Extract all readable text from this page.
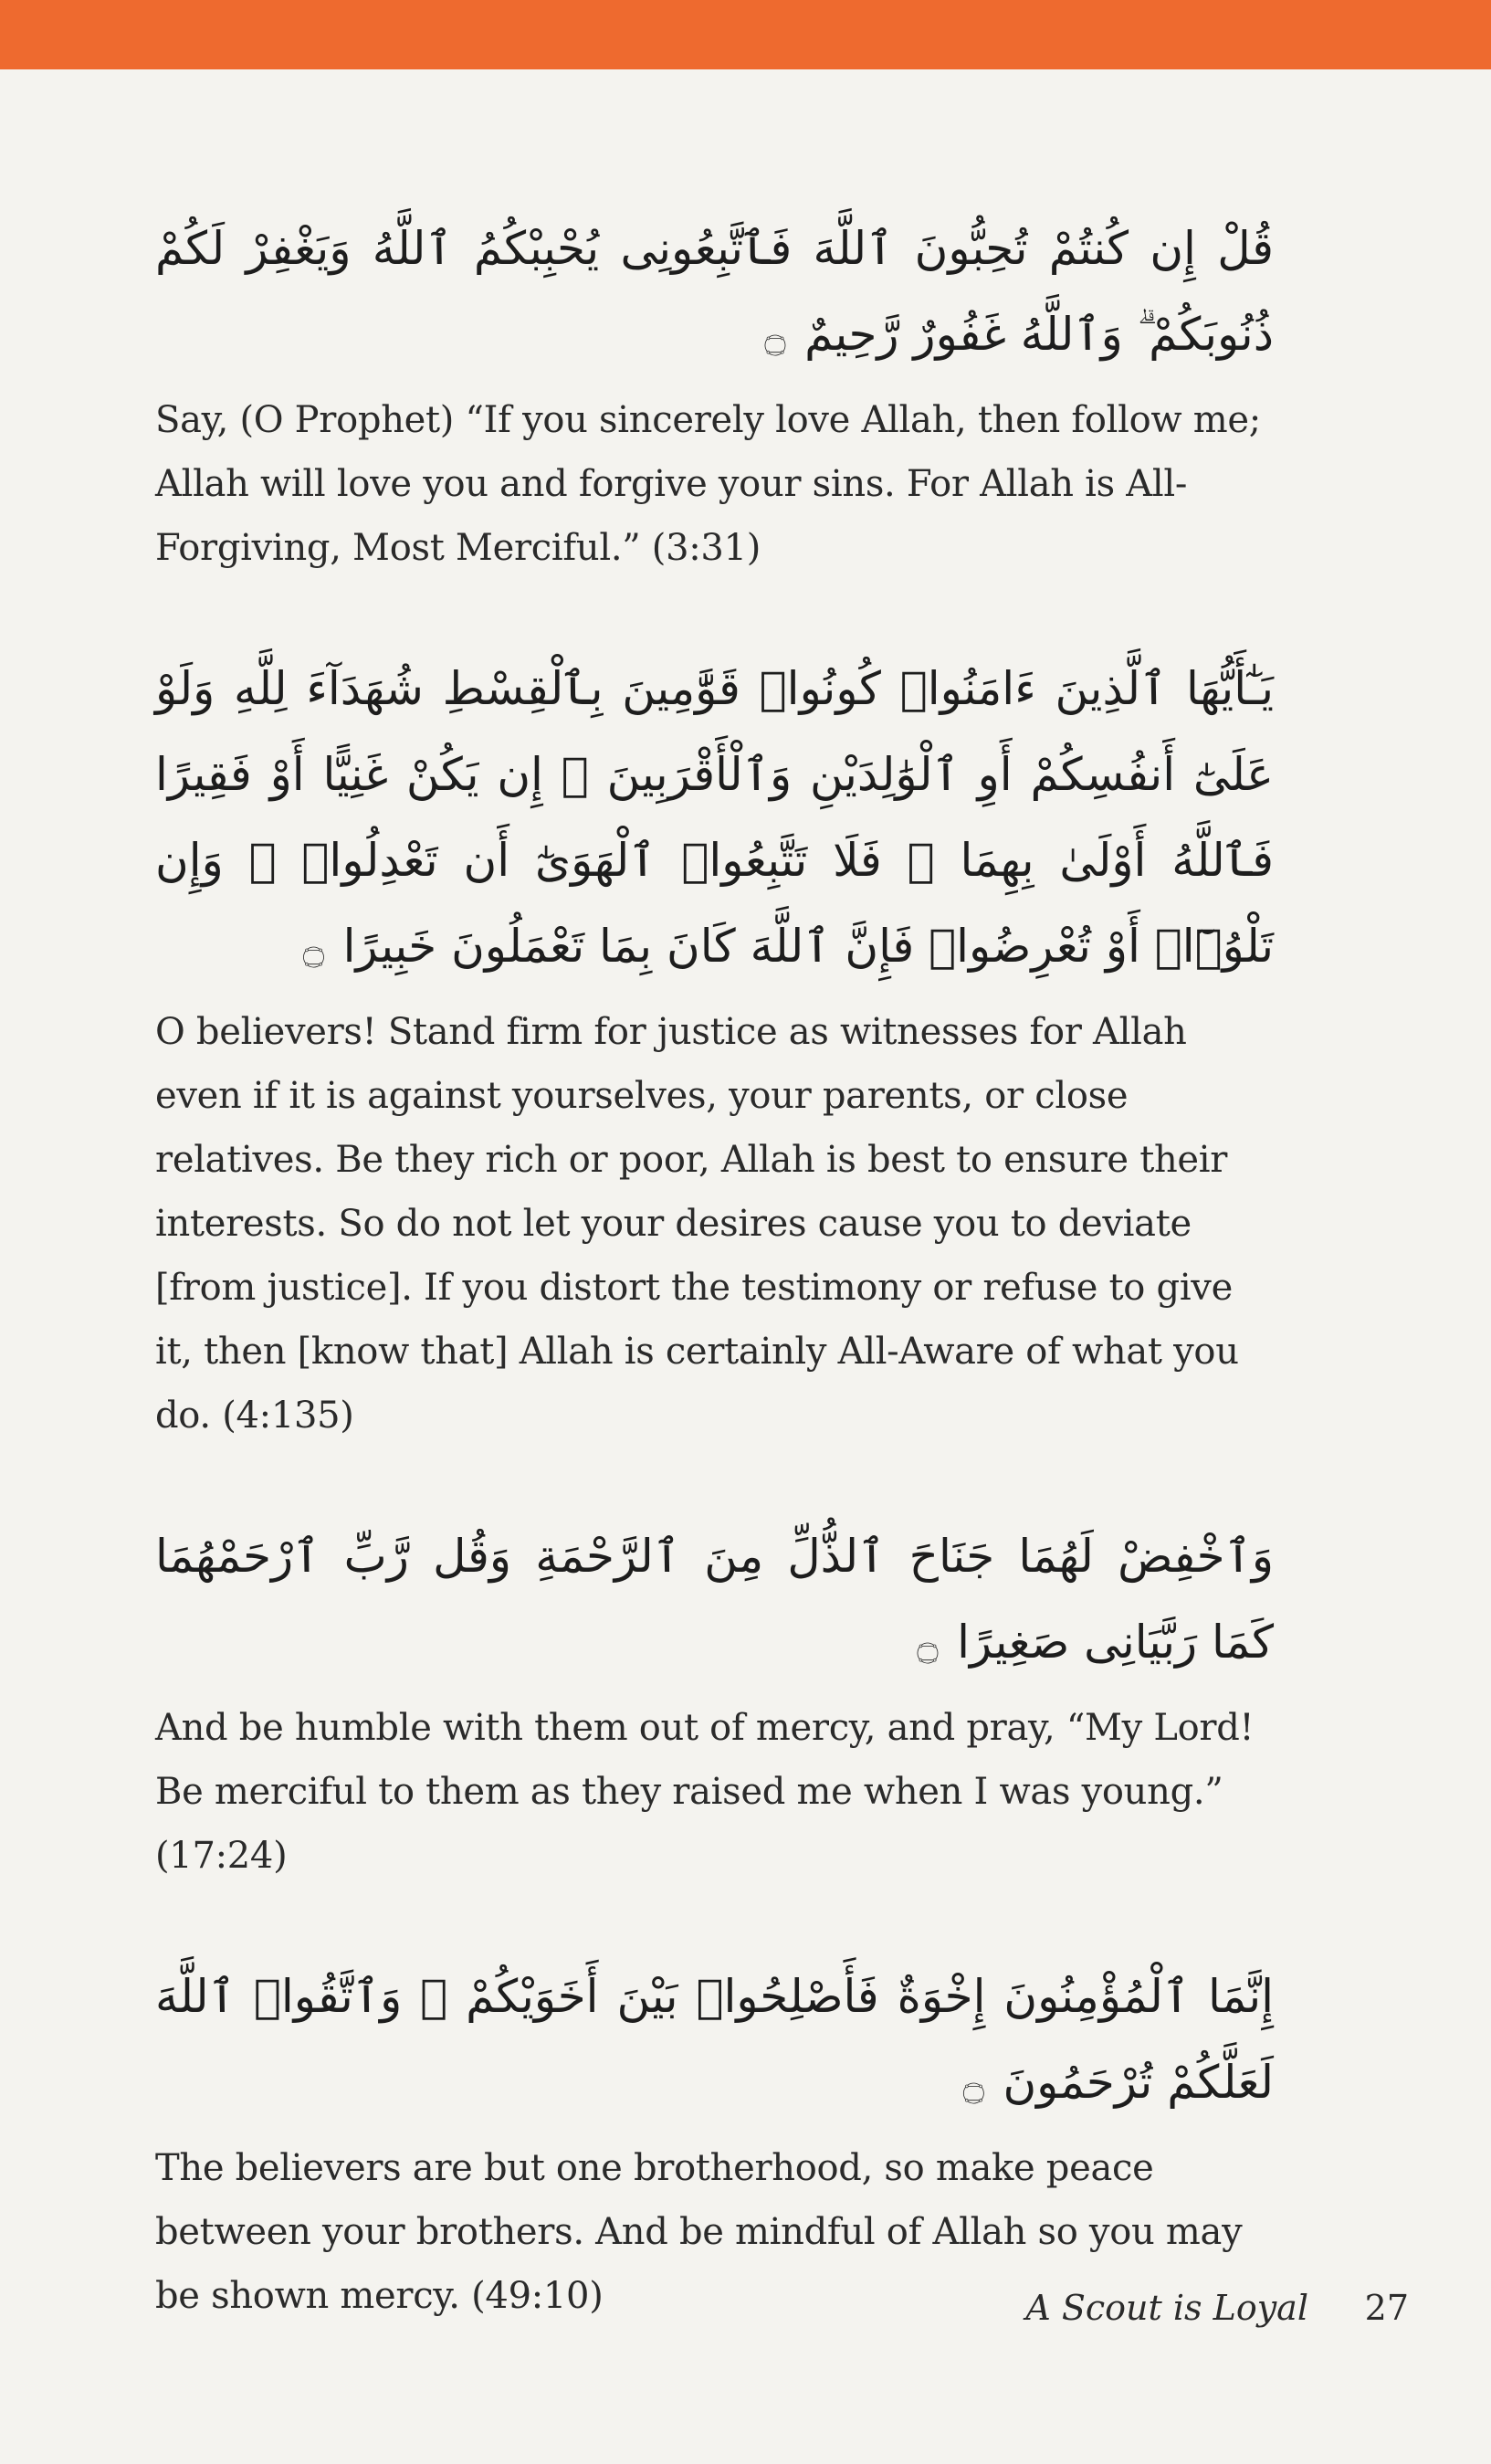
قُلْ إِن كُنتُمْ تُحِبُّونَ ٱللَّهَ فَٱتَّبِعُونِى يُحْبِبْكُمُ ٱللَّهُ وَيَغْفِرْ لَكُمْ ذُنُوبَكُمْ ۗ وَٱللَّهُ غَفُورٌ رَّحِيمٌ ۝

Say, (O Prophet) “If you sincerely love Allah, then follow me; Allah will love you and forgive your sins. For Allah is All-Forgiving, Most Merciful.” (3:31)

يَـٰٓأَيُّهَا ٱلَّذِينَ ءَامَنُوا۟ كُونُوا۟ قَوَّٰمِينَ بِٱلْقِسْطِ شُهَدَآءَ لِلَّهِ وَلَوْ عَلَىٰٓ أَنفُسِكُمْ أَوِ ٱلْوَٰلِدَيْنِ وَٱلْأَقْرَبِينَ ۚ إِن يَكُنْ غَنِيًّا أَوْ فَقِيرًا فَٱللَّهُ أَوْلَىٰ بِهِمَا ۖ فَلَا تَتَّبِعُوا۟ ٱلْهَوَىٰٓ أَن تَعْدِلُوا۟ ۚ وَإِن تَلْوُۥٓا۟ أَوْ تُعْرِضُوا۟ فَإِنَّ ٱللَّهَ كَانَ بِمَا تَعْمَلُونَ خَبِيرًا ۝

O believers! Stand firm for justice as witnesses for Allah even if it is against yourselves, your parents, or close relatives. Be they rich or poor, Allah is best to ensure their interests. So do not let your desires cause you to deviate [from justice]. If you distort the testimony or refuse to give it, then [know that] Allah is certainly All-Aware of what you do. (4:135)

وَٱخْفِضْ لَهُمَا جَنَاحَ ٱلذُّلِّ مِنَ ٱلرَّحْمَةِ وَقُل رَّبِّ ٱرْحَمْهُمَا كَمَا رَبَّيَانِى صَغِيرًا ۝

And be humble with them out of mercy, and pray, “My Lord! Be merciful to them as they raised me when I was young.” (17:24)

إِنَّمَا ٱلْمُؤْمِنُونَ إِخْوَةٌ فَأَصْلِحُوا۟ بَيْنَ أَخَوَيْكُمْ ۚ وَٱتَّقُوا۟ ٱللَّهَ لَعَلَّكُمْ تُرْحَمُونَ ۝

The believers are but one brotherhood, so make peace between your brothers. And be mindful of Allah so you may be shown mercy. (49:10)	A Scout is Loyal 27
